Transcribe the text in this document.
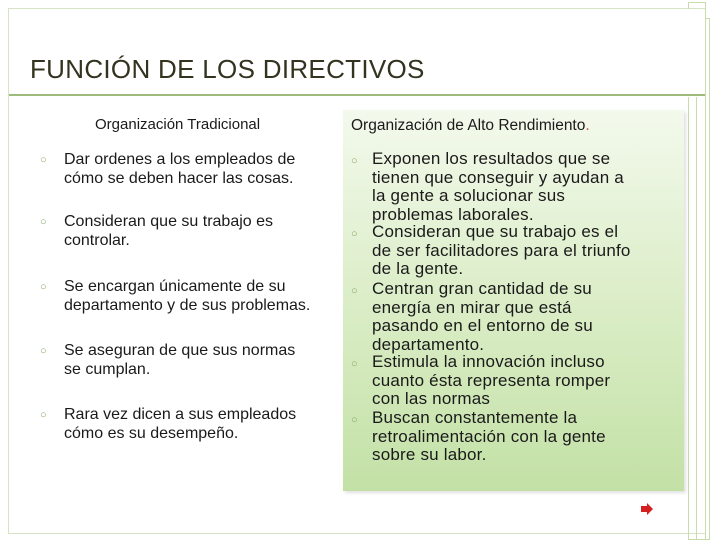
FUNCIÓN DE LOS DIRECTIVOS
Organización Tradicional	Organización de Alto Rendimiento.
○ Dar ordenes a los empleados de
cómo se deben hacer las cosas.
○ Consideran que su trabajo es
controlar.
○ Se encargan únicamente de su
departamento y de sus problemas.
○ Se aseguran de que sus normas
se cumplan.
○ Rara vez dicen a sus empleados
cómo es su desempeño.
○ Exponen los resultados que se
tienen que conseguir y ayudan a
la gente a solucionar sus
problemas laborales.
○ Consideran que su trabajo es el
de ser facilitadores para el triunfo
de la gente.
○ Centran gran cantidad de su
energía en mirar que está
pasando en el entorno de su
departamento.
○ Estimula la innovación incluso
cuanto ésta representa romper
con las normas
○ Buscan constantemente la
retroalimentación con la gente
sobre su labor.
